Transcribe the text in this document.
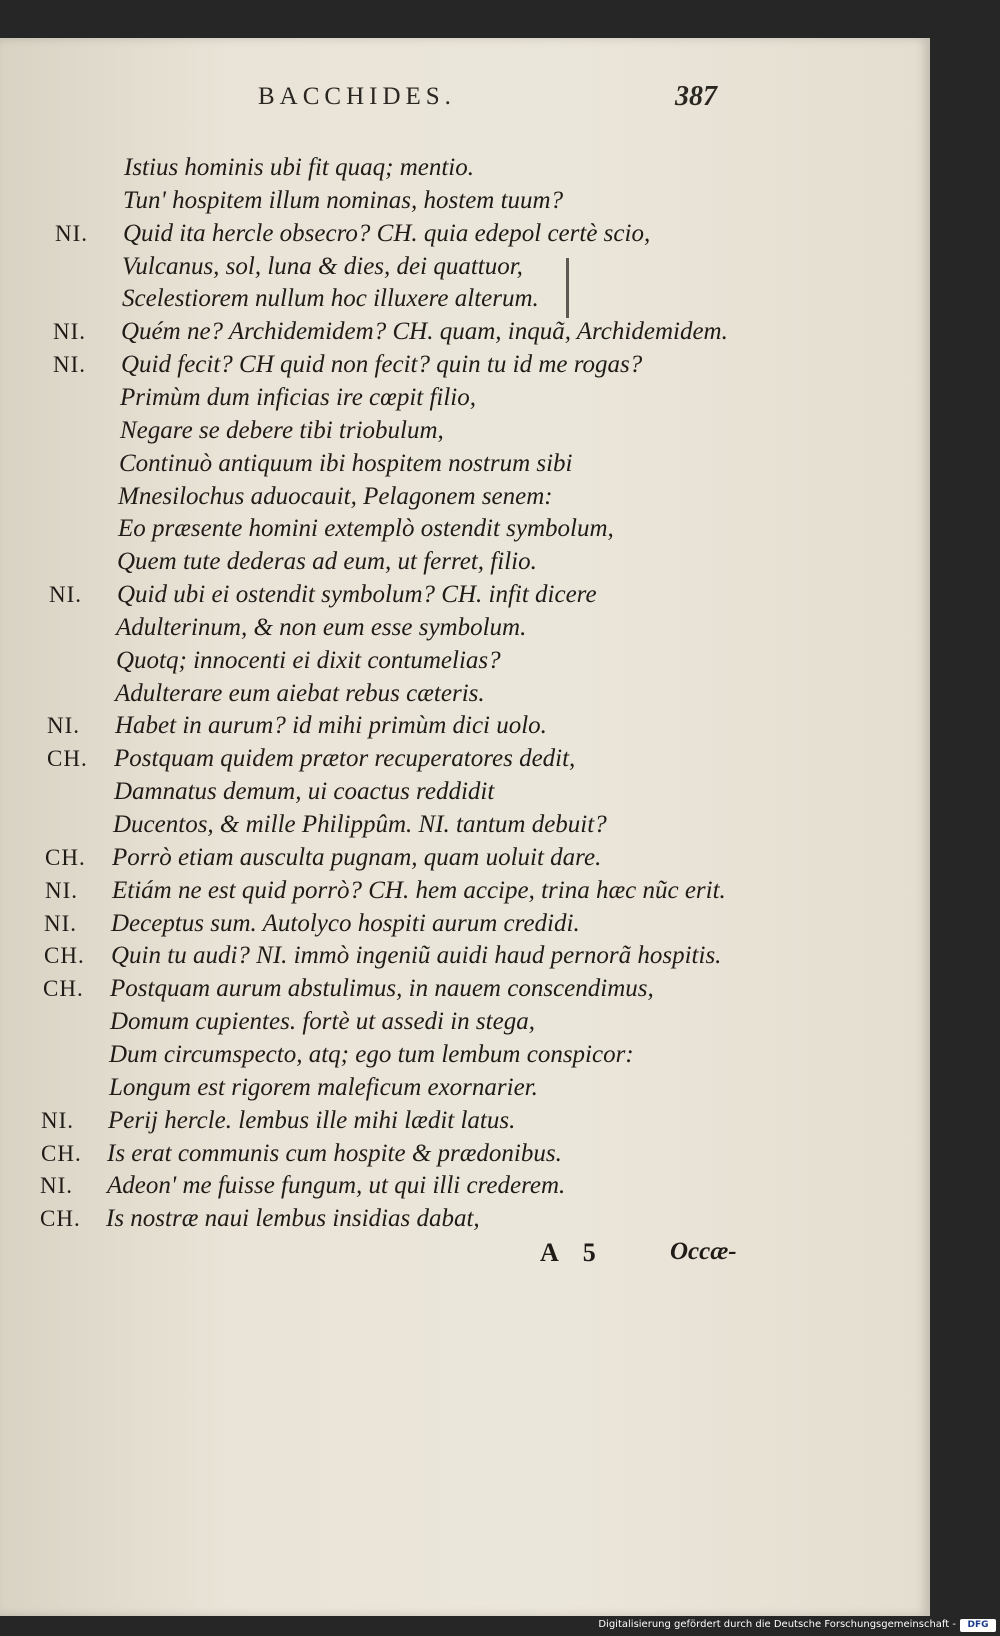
BACCHIDES.	387
Istius hominis ubi fit quaq; mentio.
Tun' hospitem illum nominas, hostem tuum?
NI. Quid ita hercle obsecro? CH. quia edepol certè scio,
Vulcanus, sol, luna & dies, dei quattuor,
Scelestiorem nullum hoc illuxere alterum.
NI. Quém ne? Archidemidem? CH. quam, inquã, Archidemidem.
NI. Quid fecit? CH quid non fecit? quin tu id me rogas?
Primùm dum inficias ire cœpit filio,
Negare se debere tibi triobulum,
Continuò antiquum ibi hospitem nostrum sibi
Mnesilochus aduocauit, Pelagonem senem:
Eo præsente homini extemplò ostendit symbolum,
Quem tute dederas ad eum, ut ferret, filio.
NI. Quid ubi ei ostendit symbolum? CH. infit dicere
Adulterinum, & non eum esse symbolum.
Quotq; innocenti ei dixit contumelias?
Adulterare eum aiebat rebus cæteris.
NI. Habet in aurum? id mihi primùm dici uolo.
CH. Postquam quidem prætor recuperatores dedit,
Damnatus demum, ui coactus reddidit
Ducentos, & mille Philippûm. NI. tantum debuit?
CH. Porrò etiam ausculta pugnam, quam uoluit dare.
NI. Etiám ne est quid porrò? CH. hem accipe, trina hæc nũc erit.
NI. Deceptus sum. Autolyco hospiti aurum credidi.
CH. Quin tu audi? NI. immò ingeniũ auidi haud pernorã hospitis.
CH. Postquam aurum abstulimus, in nauem conscendimus,
Domum cupientes. fortè ut assedi in stega,
Dum circumspecto, atq; ego tum lembum conspicor:
Longum est rigorem maleficum exornarier.
NI. Perij hercle. lembus ille mihi lædit latus.
CH. Is erat communis cum hospite & prædonibus.
NI. Adeon' me fuisse fungum, ut qui illi crederem.
CH. Is nostræ naui lembus insidias dabat,
A 5	Occæ-
Digitalisierung gefördert durch die Deutsche Forschungsgemeinschaft -	DFG
